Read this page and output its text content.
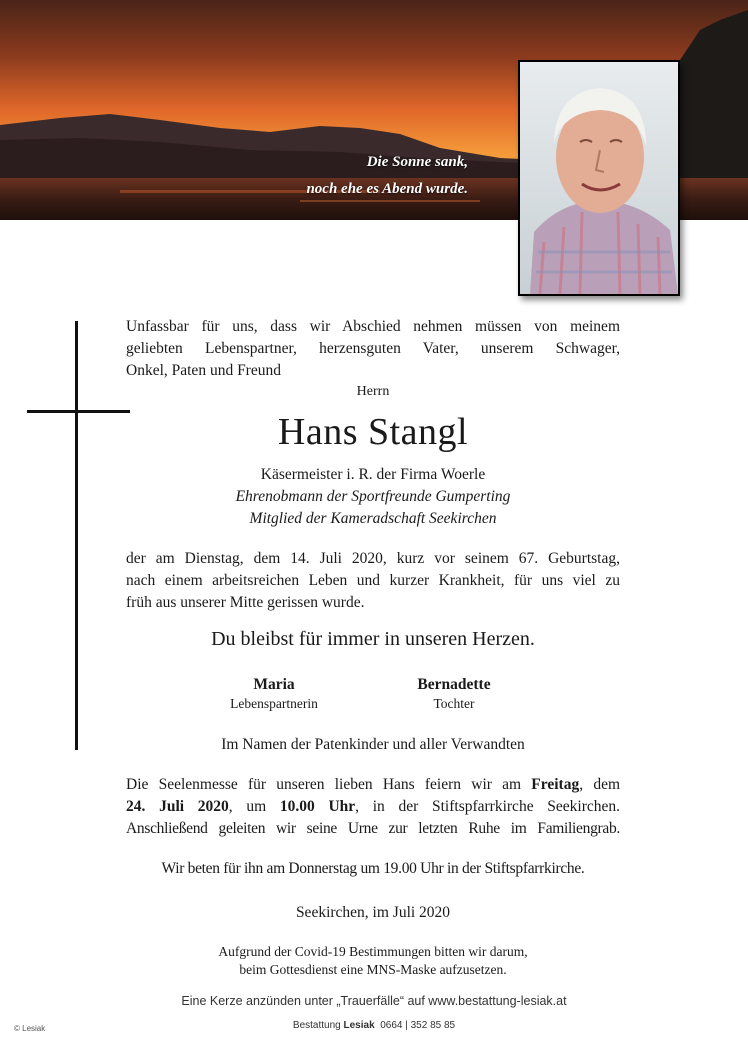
Die Sonne sank,
noch ehe es Abend wurde.
Unfassbar für uns, dass wir Abschied nehmen müssen von meinem
geliebten Lebenspartner, herzensguten Vater, unserem Schwager,
Onkel, Paten und Freund
Herrn
Hans Stangl
Käsermeister i. R. der Firma Woerle
Ehrenobmann der Sportfreunde Gumperting
Mitglied der Kameradschaft Seekirchen
der am Dienstag, dem 14. Juli 2020, kurz vor seinem 67. Geburtstag,
nach einem arbeitsreichen Leben und kurzer Krankheit, für uns viel zu
früh aus unserer Mitte gerissen wurde.
Du bleibst für immer in unseren Herzen.
Maria
Lebenspartnerin
Bernadette
Tochter
Im Namen der Patenkinder und aller Verwandten
Die Seelenmesse für unseren lieben Hans feiern wir am Freitag, dem
24. Juli 2020, um 10.00 Uhr, in der Stiftspfarrkirche Seekirchen.
Anschließend geleiten wir seine Urne zur letzten Ruhe im Familiengrab.
Wir beten für ihn am Donnerstag um 19.00 Uhr in der Stiftspfarrkirche.
Seekirchen, im Juli 2020
Aufgrund der Covid-19 Bestimmungen bitten wir darum,
beim Gottesdienst eine MNS-Maske aufzusetzen.
Eine Kerze anzünden unter „Trauerfälle“ auf www.bestattung-lesiak.at
Bestattung Lesiak 0664 | 352 85 85
© Lesiak
